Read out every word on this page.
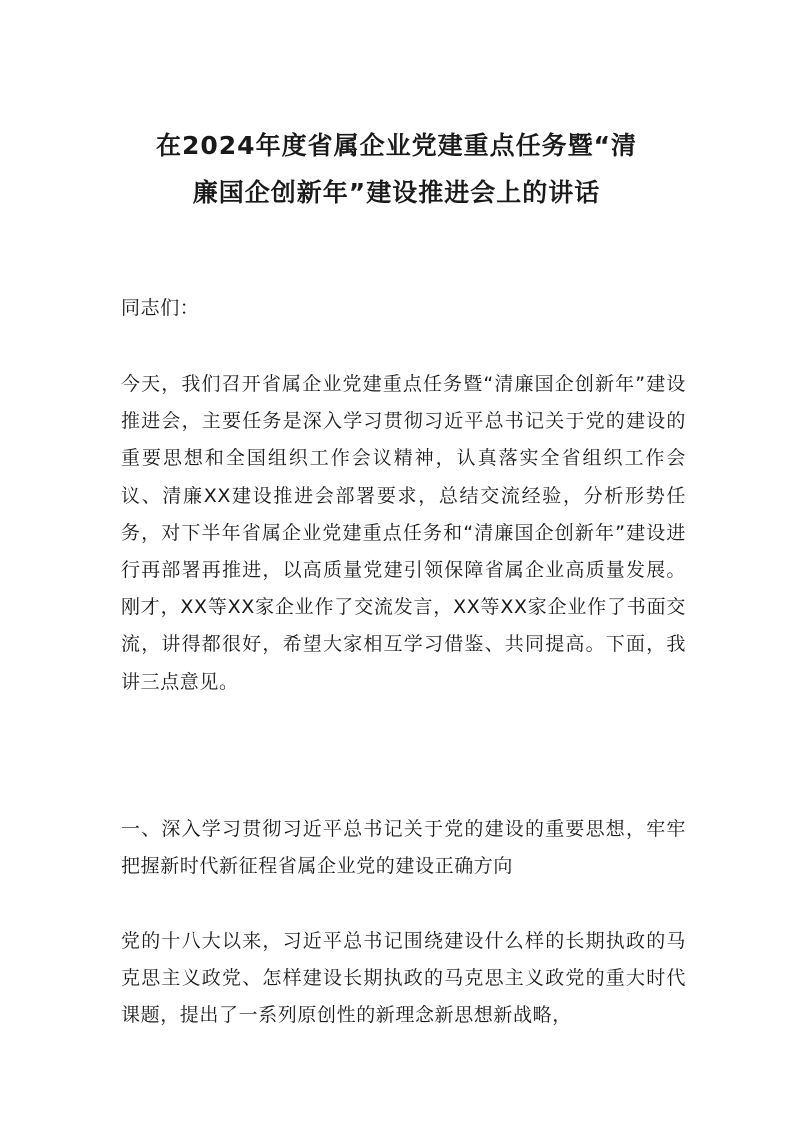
在2024年度省属企业党建重点任务暨“清
廉国企创新年”建设推进会上的讲话
同志们：
今天，我们召开省属企业党建重点任务暨“清廉国企创新年”建设推进会，主要任务是深入学习贯彻习近平总书记关于党的建设的重要思想和全国组织工作会议精神，认真落实全省组织工作会议、清廉XX建设推进会部署要求，总结交流经验，分析形势任务，对下半年省属企业党建重点任务和“清廉国企创新年”建设进行再部署再推进，以高质量党建引领保障省属企业高质量发展。刚才，XX等XX家企业作了交流发言，XX等XX家企业作了书面交流，讲得都很好，希望大家相互学习借鉴、共同提高。下面，我讲三点意见。
一、深入学习贯彻习近平总书记关于党的建设的重要思想，牢牢把握新时代新征程省属企业党的建设正确方向
党的十八大以来，习近平总书记围绕建设什么样的长期执政的马克思主义政党、怎样建设长期执政的马克思主义政党的重大时代课题，提出了一系列原创性的新理念新思想新战略，
